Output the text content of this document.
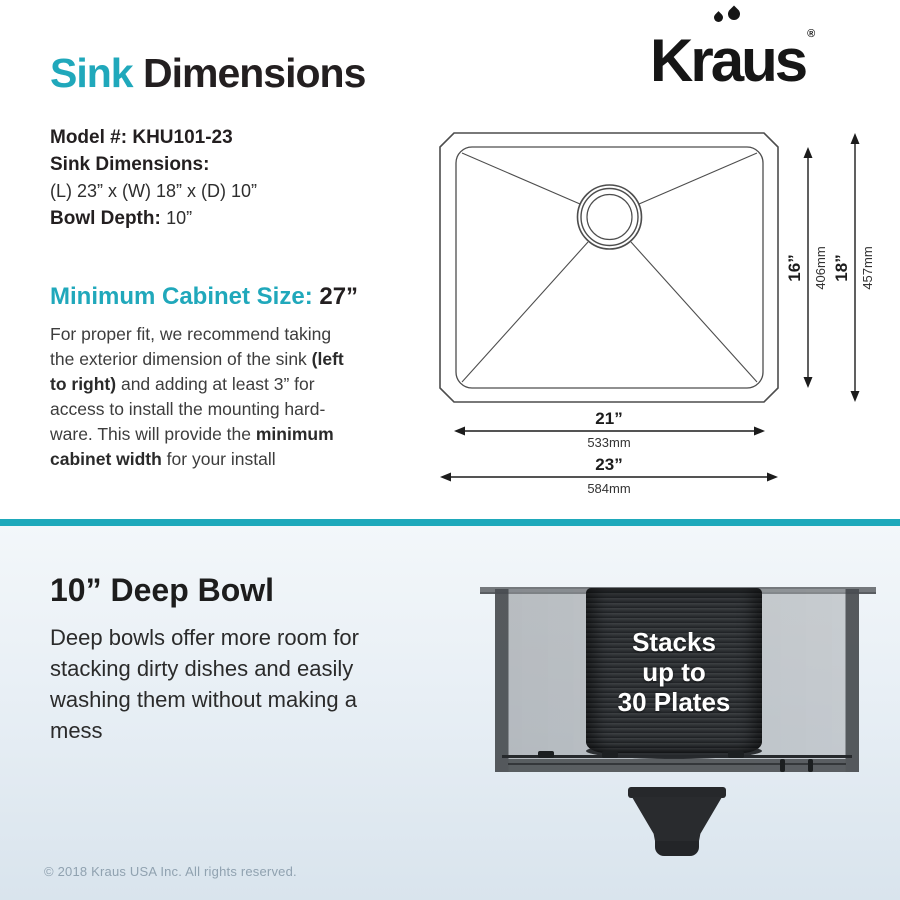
Sink Dimensions	Kra
us ®
Model #: KHU101-23
Sink Dimensions:
(L) 23” x (W) 18” x (D) 10”
Bowl Depth: 10”
Minimum Cabinet Size: 27”
For proper fit, we recommend taking
the exterior dimension of the sink (left
to right) and adding at least 3” for
access to install the mounting hard-
ware. This will provide the minimum
cabinet width for your install
16” 406mm 18” 457mm
21”
533mm
23”
584mm
10” Deep Bowl
Deep bowls offer more room for
stacking dirty dishes and easily
washing them without making a
mess
Stacks
up to
30 Plates
© 2018 Kraus USA Inc. All rights reserved.
